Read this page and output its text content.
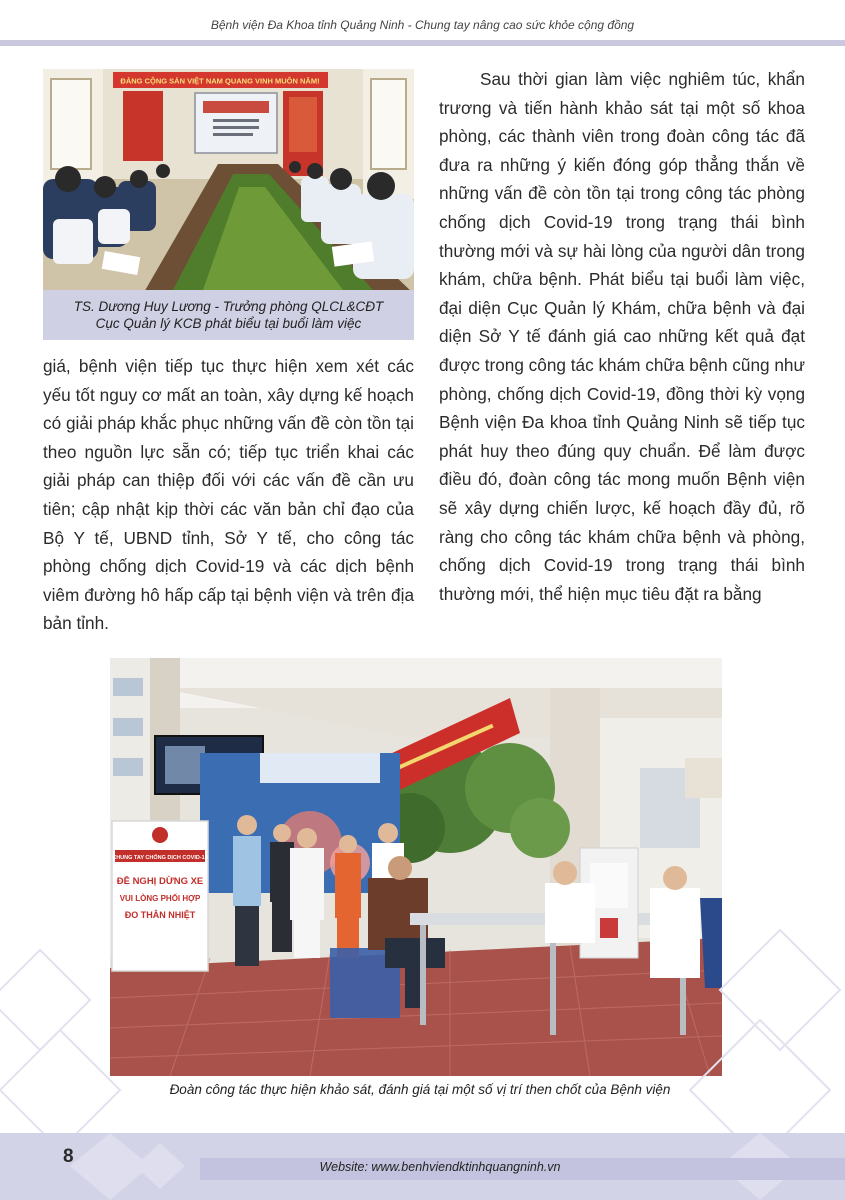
Bệnh viện Đa Khoa tỉnh Quảng Ninh - Chung tay nâng cao sức khỏe cộng đồng
ĐẢNG CỘNG SẢN VIỆT NAM QUANG VINH MUÔN NĂM!
TS. Dương Huy Lương - Trưởng phòng QLCL&CĐT
Cục Quản lý KCB phát biểu tại buổi làm việc

giá, bệnh viện tiếp tục thực hiện xem xét các yếu tốt nguy cơ mất an toàn, xây dựng kế hoạch có giải pháp khắc phục những vấn đề còn tồn tại theo nguồn lực sẵn có; tiếp tục triển khai các giải pháp can thiệp đối với các vấn đề cần ưu tiên; cập nhật kịp thời các văn bản chỉ đạo của Bộ Y tế, UBND tỉnh, Sở Y tế, cho công tác phòng chống dịch Covid-19 và các dịch bệnh viêm đường hô hấp cấp tại bệnh viện và trên địa bản tỉnh.

Sau thời gian làm việc nghiêm túc, khẩn trương và tiến hành khảo sát tại một số khoa phòng, các thành viên trong đoàn công tác đã đưa ra những ý kiến đóng góp thẳng thắn về những vấn đề còn tồn tại trong công tác phòng chống dịch Covid-19 trong trạng thái bình thường mới và sự hài lòng của người dân trong khám, chữa bệnh. Phát biểu tại buổi làm việc, đại diện Cục Quản lý Khám, chữa bệnh và đại diện Sở Y tế đánh giá cao những kết quả đạt được trong công tác khám chữa bệnh cũng như phòng, chống dịch Covid-19, đồng thời kỳ vọng Bệnh viện Đa khoa tỉnh Quảng Ninh sẽ tiếp tục phát huy theo đúng quy chuẩn. Để làm được điều đó, đoàn công tác mong muốn Bệnh viện sẽ xây dựng chiến lược, kế hoạch đầy đủ, rõ ràng cho công tác khám chữa bệnh và phòng, chống dịch Covid-19 trong trạng thái bình thường mới, thể hiện mục tiêu đặt ra bằng

CHUNG TAY CHỐNG DỊCH COVID-19
ĐỀ NGHỊ DỪNG XE
VUI LÒNG PHỐI HỢP
ĐO THÂN NHIỆT
Đoàn công tác thực hiện khảo sát, đánh giá tại một số vị trí then chốt của Bệnh viện
8	Website: www.benhviendktinhquangninh.vn
